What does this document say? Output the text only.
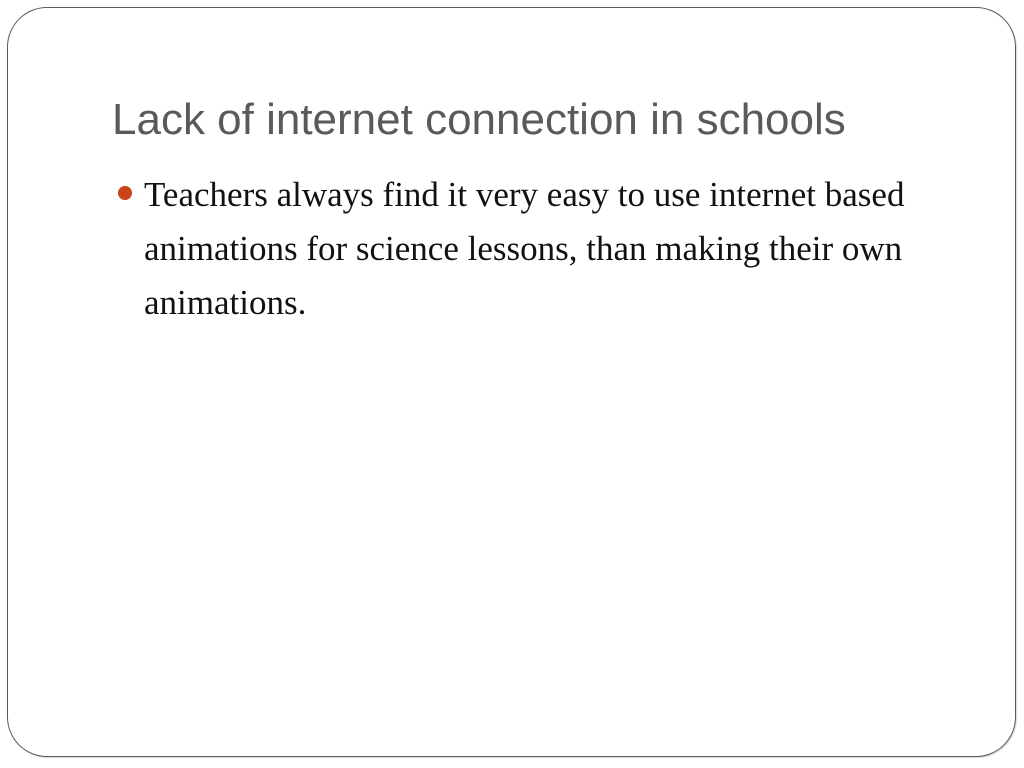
Lack of internet connection in schools
Teachers always find it very easy to use internet based animations for science lessons, than making their own animations.
